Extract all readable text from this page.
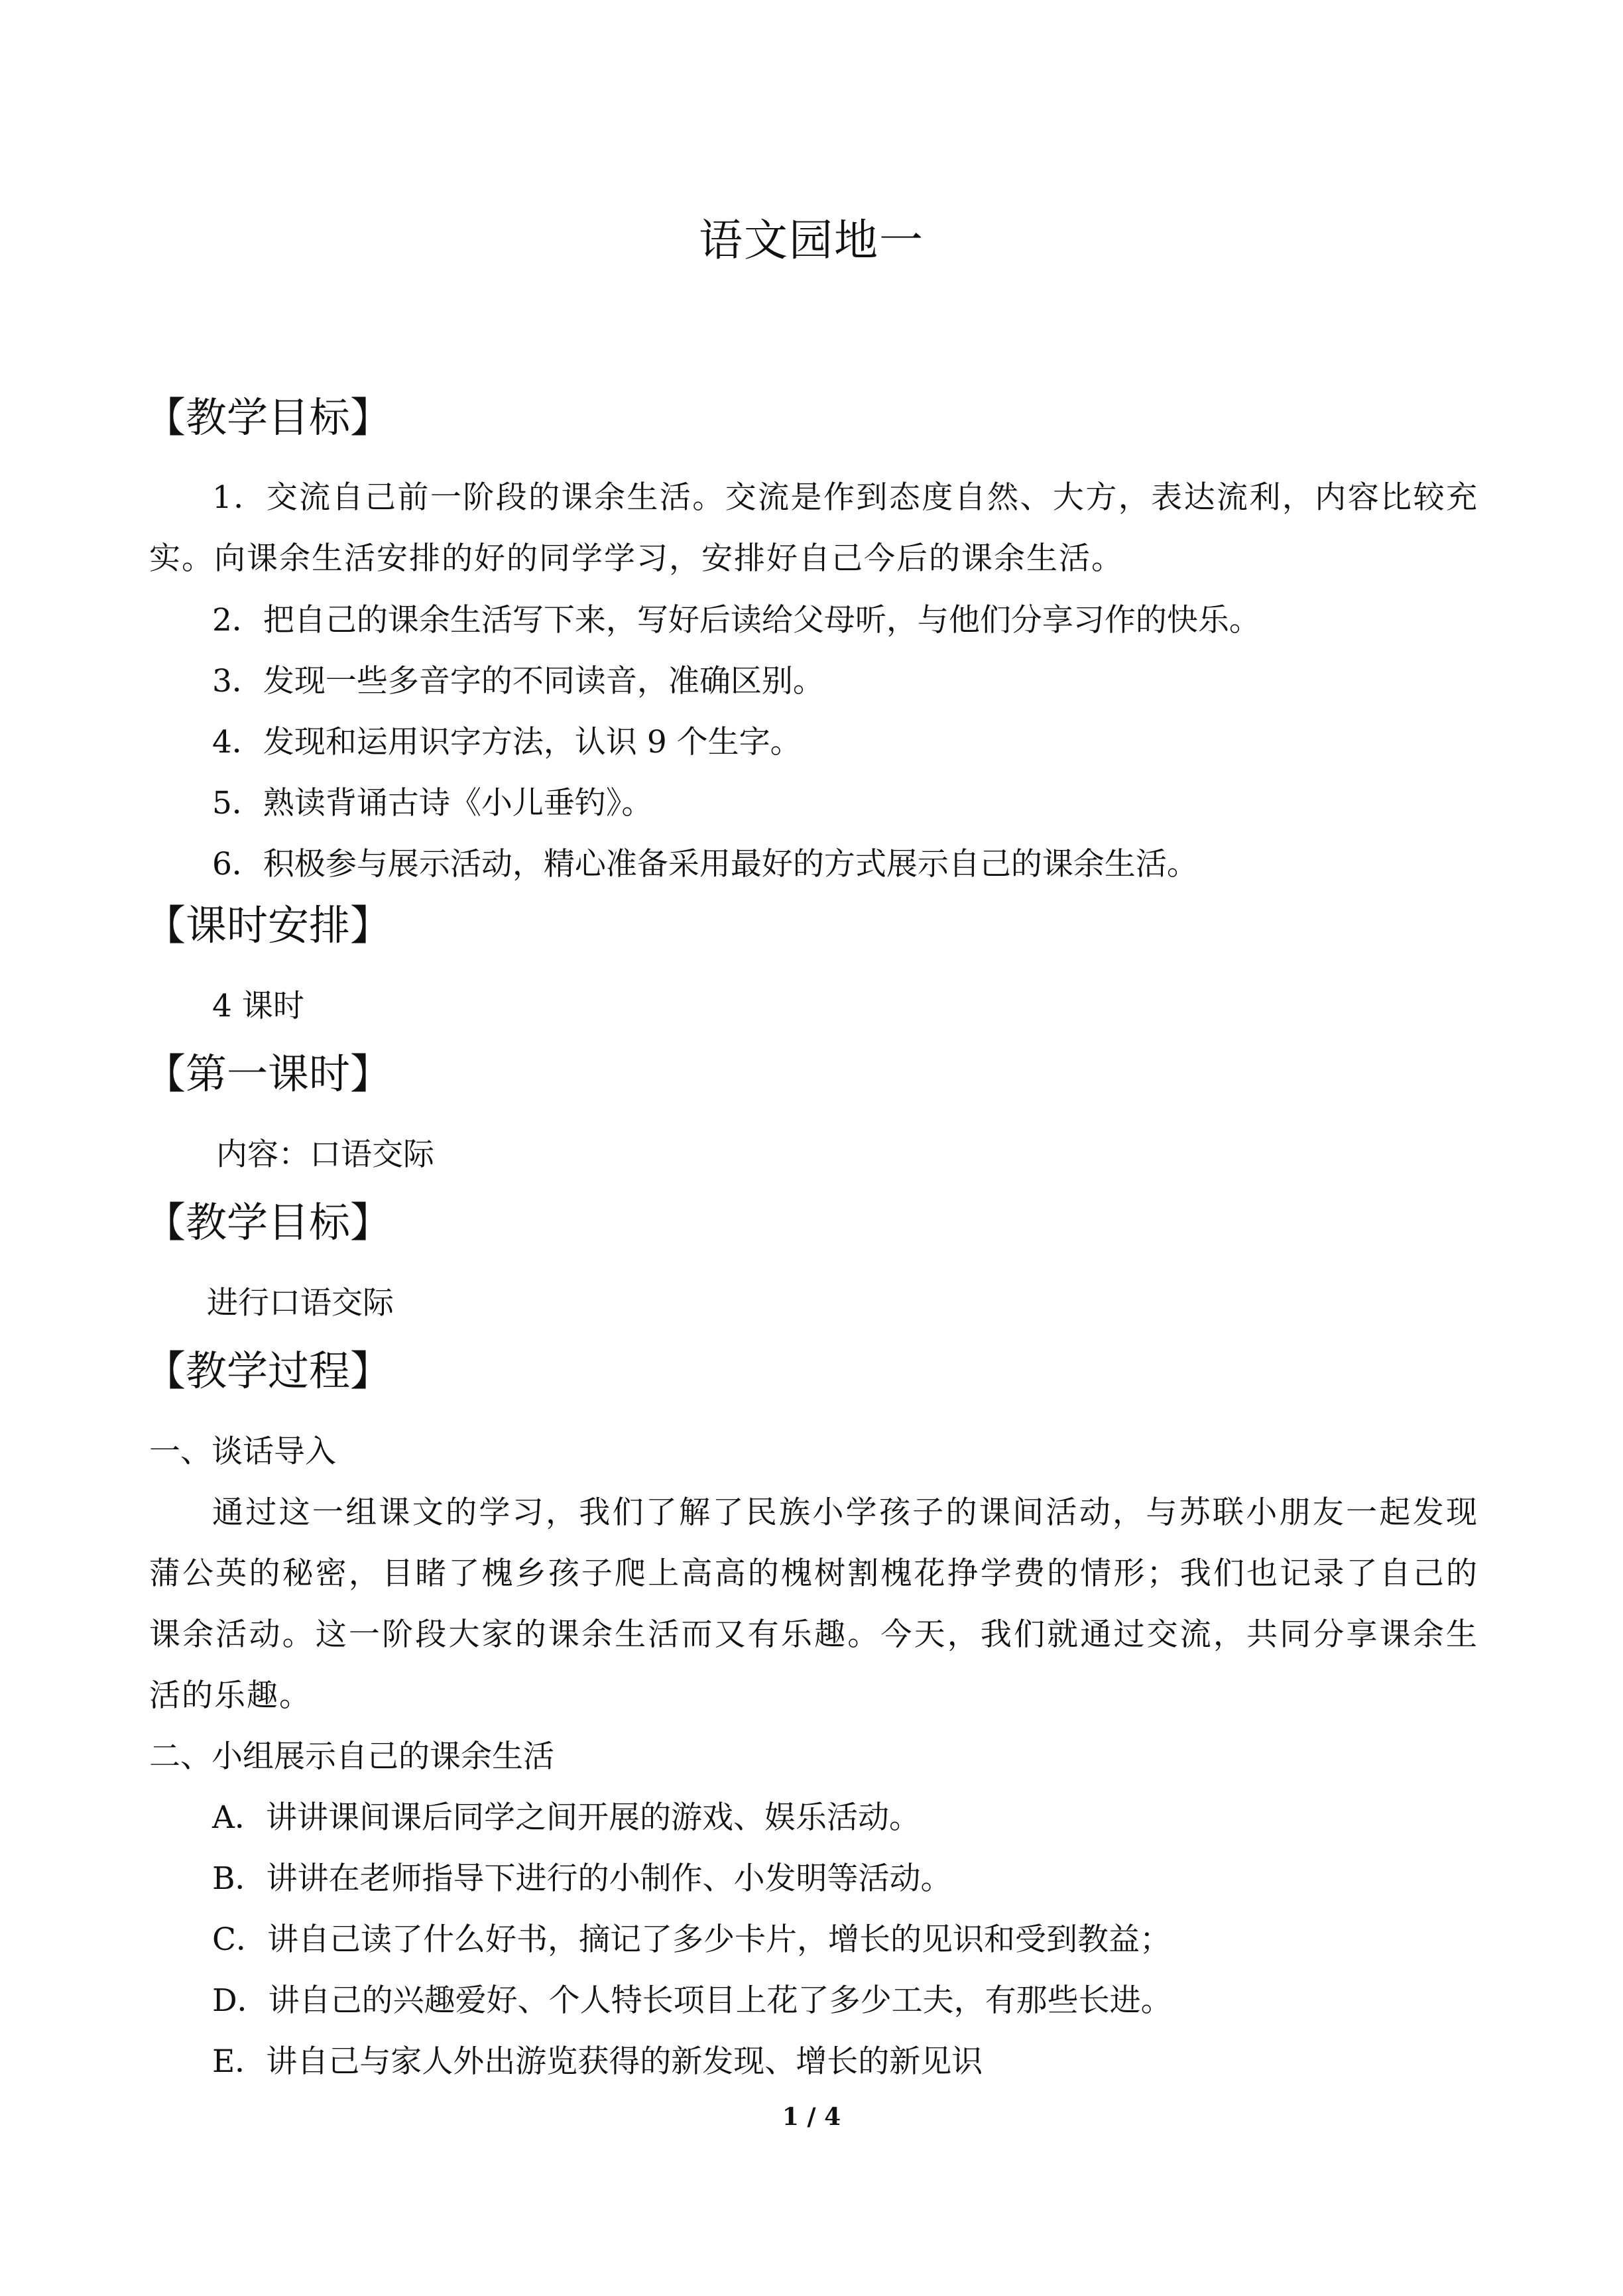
语文园地一
【教学目标】
1．交流自己前一阶段的课余生活。交流是作到态度自然、大方，表达流利，内容比较充实。向课余生活安排的好的同学学习，安排好自己今后的课余生活。
2．把自己的课余生活写下来，写好后读给父母听，与他们分享习作的快乐。
3．发现一些多音字的不同读音，准确区别。
4．发现和运用识字方法，认识 9 个生字。
5．熟读背诵古诗《小儿垂钓》。
6．积极参与展示活动，精心准备采用最好的方式展示自己的课余生活。
【课时安排】
4 课时
【第一课时】
内容：口语交际
【教学目标】
进行口语交际
【教学过程】
一、谈话导入
通过这一组课文的学习，我们了解了民族小学孩子的课间活动，与苏联小朋友一起发现蒲公英的秘密，目睹了槐乡孩子爬上高高的槐树割槐花挣学费的情形；我们也记录了自己的课余活动。这一阶段大家的课余生活而又有乐趣。今天，我们就通过交流，共同分享课余生活的乐趣。
二、小组展示自己的课余生活
A．讲讲课间课后同学之间开展的游戏、娱乐活动。
B．讲讲在老师指导下进行的小制作、小发明等活动。
C．讲自己读了什么好书，摘记了多少卡片，增长的见识和受到教益；
D．讲自己的兴趣爱好、个人特长项目上花了多少工夫，有那些长进。
E．讲自己与家人外出游览获得的新发现、增长的新见识
1 / 4
